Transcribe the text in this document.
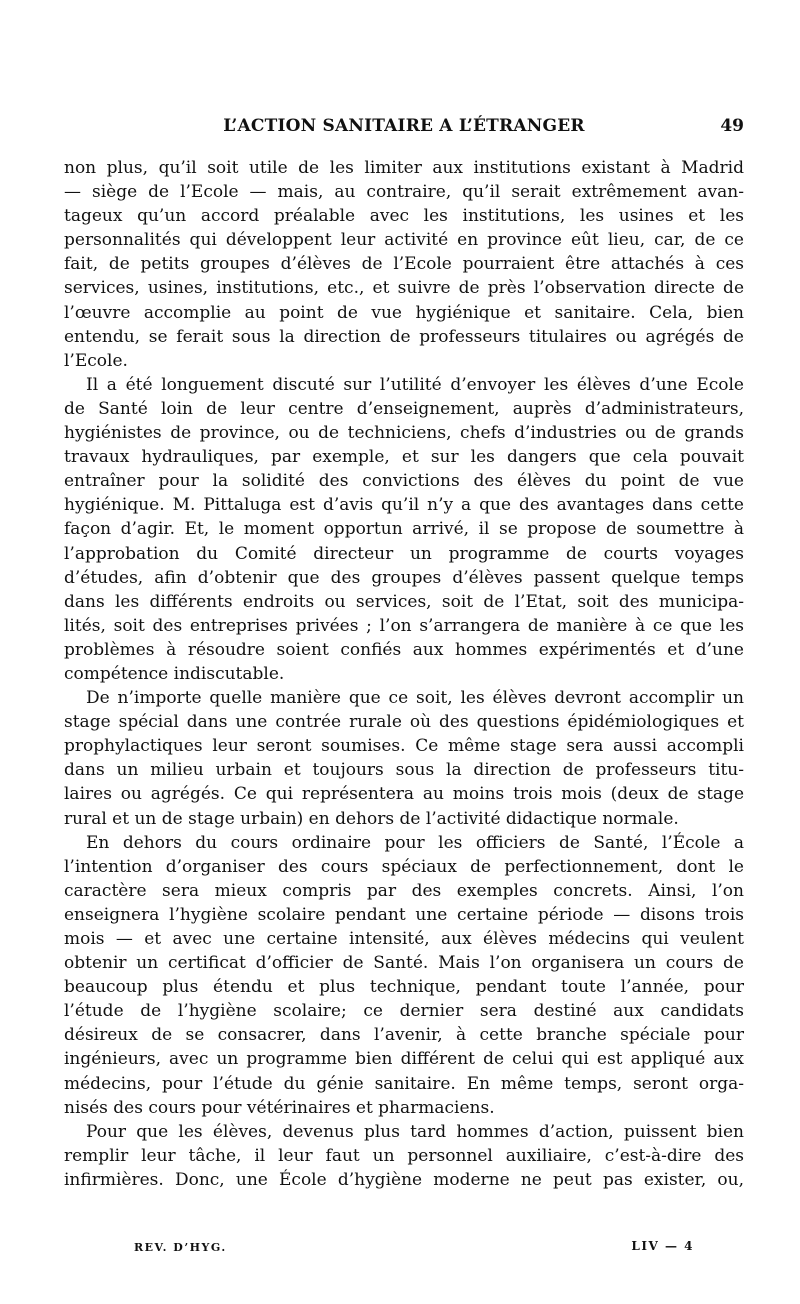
L’ACTION SANITAIRE A L’ÉTRANGER	49
non plus, qu’il soit utile de les limiter aux institutions existant à Madrid
— siège de l’Ecole — mais, au contraire, qu’il serait extrêmement avan-
tageux qu’un accord préalable avec les institutions, les usines et les
personnalités qui développent leur activité en province eût lieu, car, de ce
fait, de petits groupes d’élèves de l’Ecole pourraient être attachés à ces
services, usines, institutions, etc., et suivre de près l’observation directe de
l’œuvre accomplie au point de vue hygiénique et sanitaire. Cela, bien
entendu, se ferait sous la direction de professeurs titulaires ou agrégés de
l’Ecole.
Il a été longuement discuté sur l’utilité d’envoyer les élèves d’une Ecole
de Santé loin de leur centre d’enseignement, auprès d’administrateurs,
hygiénistes de province, ou de techniciens, chefs d’industries ou de grands
travaux hydrauliques, par exemple, et sur les dangers que cela pouvait
entraîner pour la solidité des convictions des élèves du point de vue
hygiénique. M. Pittaluga est d’avis qu’il n’y a que des avantages dans cette
façon d’agir. Et, le moment opportun arrivé, il se propose de soumettre à
l’approbation du Comité directeur un programme de courts voyages
d’études, afin d’obtenir que des groupes d’élèves passent quelque temps
dans les différents endroits ou services, soit de l’Etat, soit des municipa-
lités, soit des entreprises privées ; l’on s’arrangera de manière à ce que les
problèmes à résoudre soient confiés aux hommes expérimentés et d’une
compétence indiscutable.
De n’importe quelle manière que ce soit, les élèves devront accomplir un
stage spécial dans une contrée rurale où des questions épidémiologiques et
prophylactiques leur seront soumises. Ce même stage sera aussi accompli
dans un milieu urbain et toujours sous la direction de professeurs titu-
laires ou agrégés. Ce qui représentera au moins trois mois (deux de stage
rural et un de stage urbain) en dehors de l’activité didactique normale.
En dehors du cours ordinaire pour les officiers de Santé, l’École a
l’intention d’organiser des cours spéciaux de perfectionnement, dont le
caractère sera mieux compris par des exemples concrets. Ainsi, l’on
enseignera l’hygiène scolaire pendant une certaine période — disons trois
mois — et avec une certaine intensité, aux élèves médecins qui veulent
obtenir un certificat d’officier de Santé. Mais l’on organisera un cours de
beaucoup plus étendu et plus technique, pendant toute l’année, pour
l’étude de l’hygiène scolaire; ce dernier sera destiné aux candidats
désireux de se consacrer, dans l’avenir, à cette branche spéciale pour
ingénieurs, avec un programme bien différent de celui qui est appliqué aux
médecins, pour l’étude du génie sanitaire. En même temps, seront orga-
nisés des cours pour vétérinaires et pharmaciens.
Pour que les élèves, devenus plus tard hommes d’action, puissent bien
remplir leur tâche, il leur faut un personnel auxiliaire, c’est-à-dire des
infirmières. Donc, une École d’hygiène moderne ne peut pas exister, ou,
REV. D’HYG.	LIV — 4
